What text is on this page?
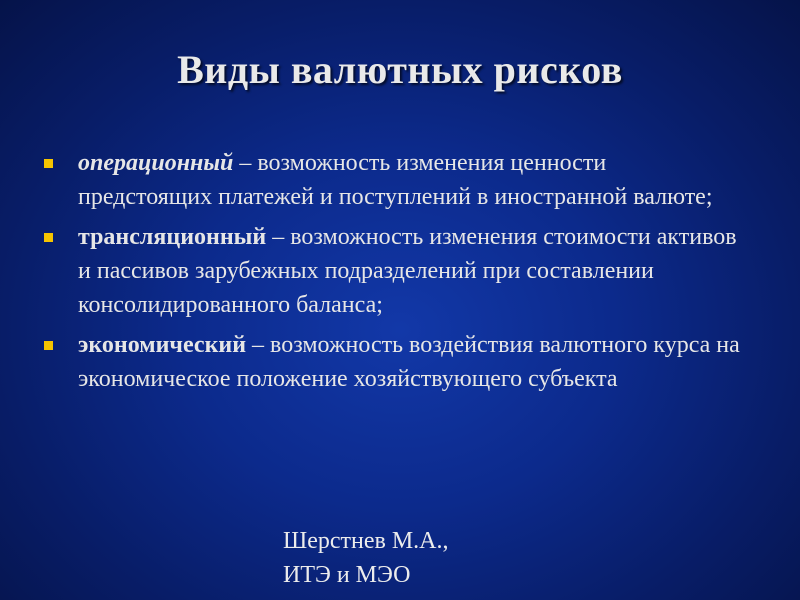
Виды валютных рисков
операционный – возможность изменения ценности предстоящих платежей и поступлений в иностранной валюте;
трансляционный – возможность изменения стоимости активов и пассивов зарубежных подразделений при составлении консолидированного баланса;
экономический – возможность воздействия валютного курса на экономическое положение хозяйствующего субъекта
Шерстнев М.А.,
ИТЭ и МЭО
